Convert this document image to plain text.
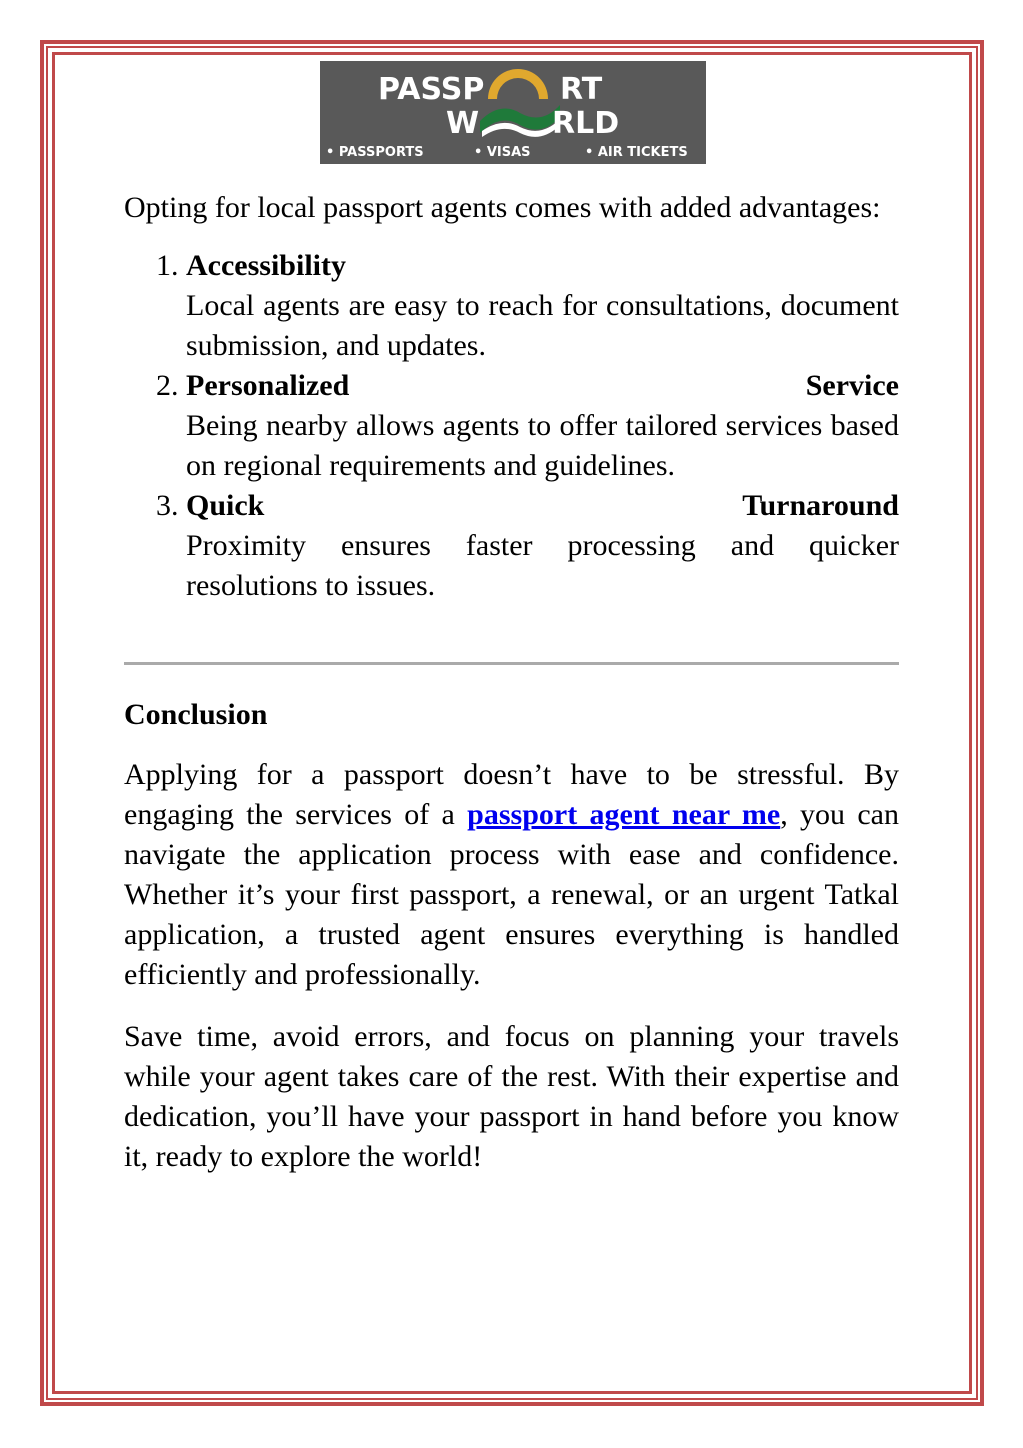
PASSP	RT
W RLD
• PASSPORTS	• VISAS	• AIR TICKETS

Opting for local passport agents comes with added advantages:

1. Accessibility
Local agents are easy to reach for consultations, document submission, and updates.
2. Personalized	Service
Being nearby allows agents to offer tailored services based on regional requirements and guidelines.
3. Quick	Turnaround
Proximity ensures faster processing and quicker resolutions to issues.
Conclusion

Applying for a passport doesn’t have to be stressful. By engaging the services of a passport agent near me, you can navigate the application process with ease and confidence. Whether it’s your first passport, a renewal, or an urgent Tatkal application, a trusted agent ensures everything is handled efficiently and professionally.

Save time, avoid errors, and focus on planning your travels while your agent takes care of the rest. With their expertise and dedication, you’ll have your passport in hand before you know it, ready to explore the world!
